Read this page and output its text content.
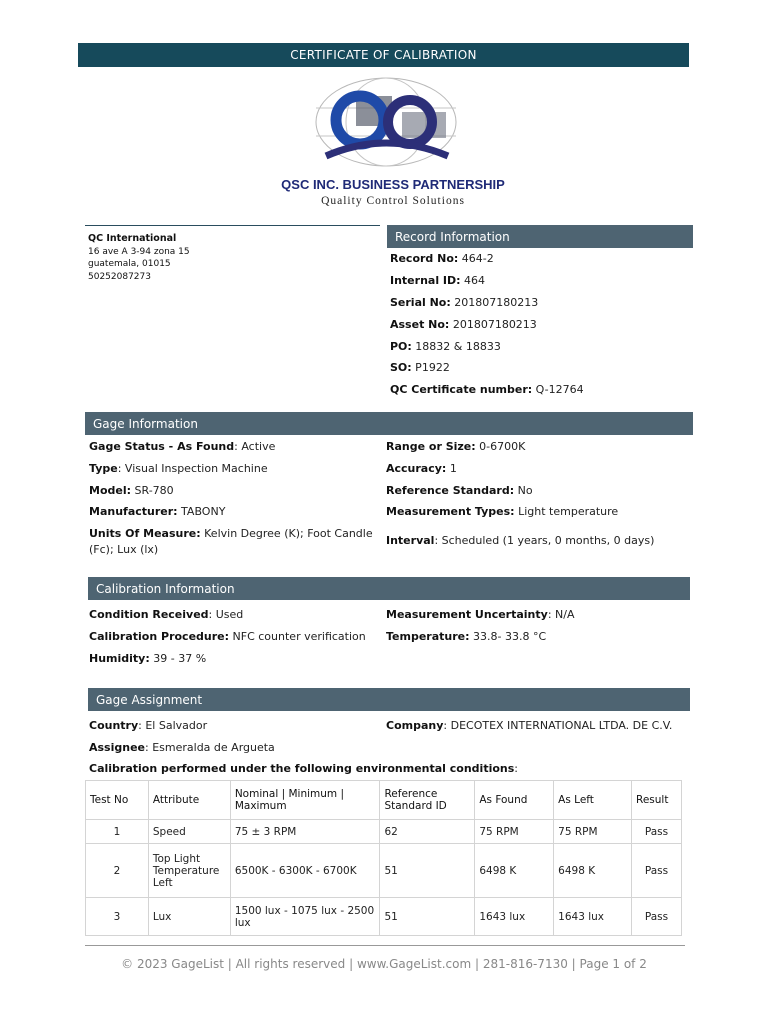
CERTIFICATE OF CALIBRATION
QSC INC. BUSINESS PARTNERSHIP
Quality Control Solutions
QC International
16 ave A 3-94 zona 15
guatemala, 01015
50252087273
Record Information
Record No: 464-2
Internal ID: 464
Serial No: 201807180213
Asset No: 201807180213
PO: 18832 & 18833
SO: P1922
QC Certificate number: Q-12764
Gage Information
Gage Status - As Found: Active	Range or Size: 0-6700K
Type: Visual Inspection Machine	Accuracy: 1
Model: SR-780	Reference Standard: No
Manufacturer: TABONY	Measurement Types: Light temperature
Units Of Measure: Kelvin Degree (K); Foot Candle (Fc); Lux (lx)
Interval: Scheduled (1 years, 0 months, 0 days)
Calibration Information
Condition Received: Used	Measurement Uncertainty: N/A
Calibration Procedure: NFC counter verification Temperature: 33.8- 33.8 °C
Humidity: 39 - 37 %
Gage Assignment
Country: El Salvador	Company: DECOTEX INTERNATIONAL LTDA. DE C.V.
Assignee: Esmeralda de Argueta
Calibration performed under the following environmental conditions:
Test No	Attribute	Nominal | Minimum | Maximum	Reference Standard ID	As Found	As Left	Result
1	Speed	75 ± 3 RPM	62	75 RPM	75 RPM	Pass
2	Top Light Temperature Left	6500K - 6300K - 6700K	51	6498 K	6498 K	Pass
3	Lux	1500 lux - 1075 lux - 2500 lux	51	1643 lux	1643 lux	Pass
© 2023 GageList | All rights reserved | www.GageList.com | 281-816-7130 | Page 1 of 2
